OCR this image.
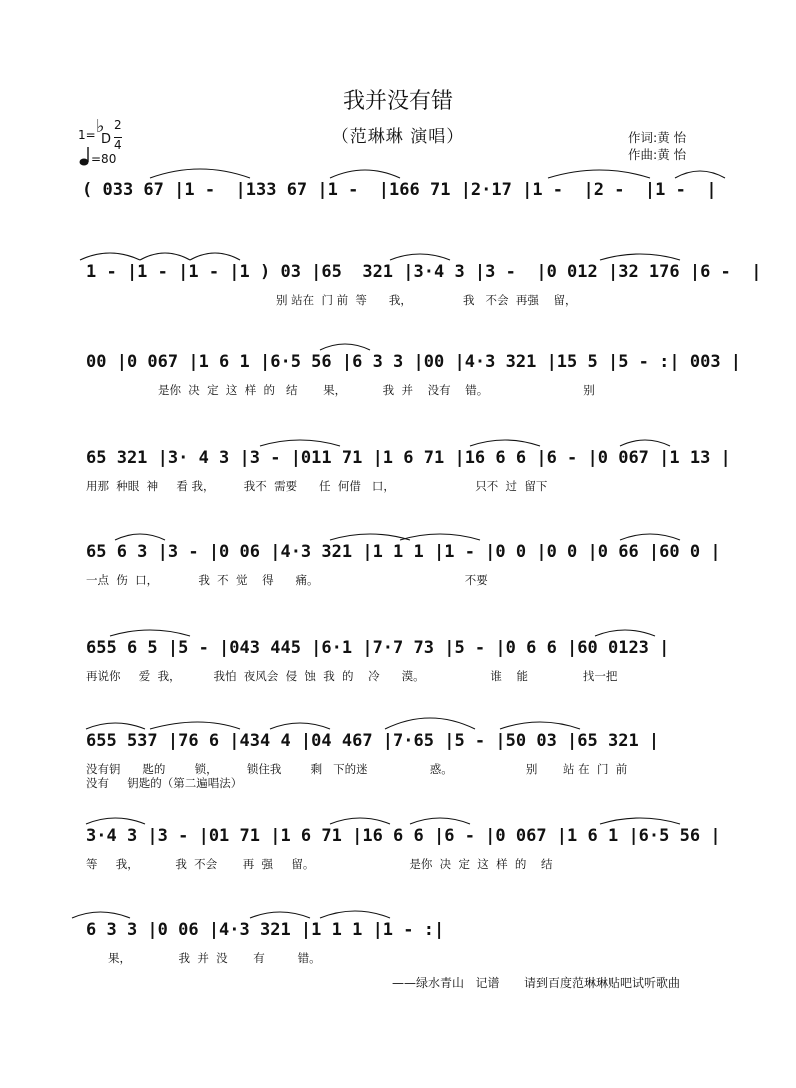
我并没有错
（范琳琳 演唱）	作词:黄 怡
作曲:黄 怡
1= ♭
D
2
4
=80
( 033 67 |1 -  |133 67 |1 -  |166 71 |2·17 |1 -  |2 -  |1 -  |
1 - |1 - |1 - |1 ) 03 |65  321 |3·4 3 |3 -  |0 012 |32 176 |6 -  |
别 站在  门 前  等      我，              我   不会  再强    留，
00 |0 067 |1 6 1 |6·5 56 |6 3 3 |00 |4·3 321 |15 5 |5 - :| 003 |
是你  决  定  这  样  的   结       果，          我  并    没有    错。                          别
65 321 |3· 4 3 |3 - |011 71 |1 6 71 |16 6 6 |6 - |0 067 |1 13 |
用那  种眼  神     看 我，        我不  需要      任  何借   口，                      只不  过  留下
65 6 3 |3 - |0 06 |4·3 321 |1 1 1 |1 - |0 0 |0 0 |0 66 |60 0 |
一点  伤  口，           我  不  觉    得      痛。                                        不要
655 6 5 |5 - |043 445 |6·1 |7·7 73 |5 - |0 6 6 |60 0123 |
再说你     爱  我，         我怕  夜风会  侵  蚀  我  的    冷      漠。                  谁    能               找一把
655 537 |76 6 |434 4 |04 467 |7·65 |5 - |50 03 |65 321 |
没有钥      匙的        锁，        锁住我        剩   下的迷                 惑。                    别       站 在  门  前
没有     钥匙的（第二遍唱法）
3·4 3 |3 - |01 71 |1 6 71 |16 6 6 |6 - |0 067 |1 6 1 |6·5 56 |
等     我，          我  不会       再  强     留。                          是你  决  定  这  样  的    结
6 3 3 |0 06 |4·3 321 |1 1 1 |1 - :|
果，             我  并  没       有         错。
——绿水青山   记谱 请到百度范琳琳贴吧试听歌曲
